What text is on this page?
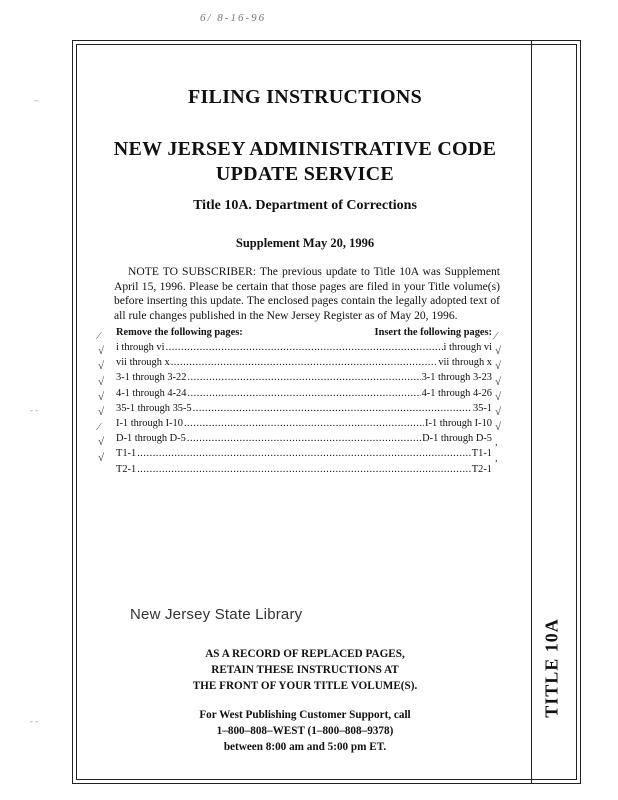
6/ 8-16-96
~
- -
- -
FILING INSTRUCTIONS
NEW JERSEY ADMINISTRATIVE CODE
UPDATE SERVICE
Title 10A. Department of Corrections
Supplement May 20, 1996
NOTE TO SUBSCRIBER: The previous update to Title 10A was Supplement April 15, 1996. Please be certain that those pages are filed in your Title volume(s) before inserting this update. The enclosed pages contain the legally adopted text of all rule changes published in the New Jersey Register as of May 20, 1996.
⁄
√
√
√
√
√
⁄
√
√
Remove the following pages:	Insert the following pages:
i through vi .....	i through vi
vii through x .....	vii through x
3-1 through 3-22 .....	3-1 through 3-23
4-1 through 4-24 .....	4-1 through 4-26
35-1 through 35-5 .....	35-1
I-1 through I-10 .....	I-1 through I-10
D-1 through D-5 .....	D-1 through D-5
T1-1 .....	T1-1
T2-1 .....	T2-1
⁄
√
√
√
√
√
√
,
,
New Jersey State Library
AS A RECORD OF REPLACED PAGES,
RETAIN THESE INSTRUCTIONS AT
THE FRONT OF YOUR TITLE VOLUME(S).
For West Publishing Customer Support, call
1–800–808–WEST (1–800–808–9378)
between 8:00 am and 5:00 pm ET.
TITLE 10A
